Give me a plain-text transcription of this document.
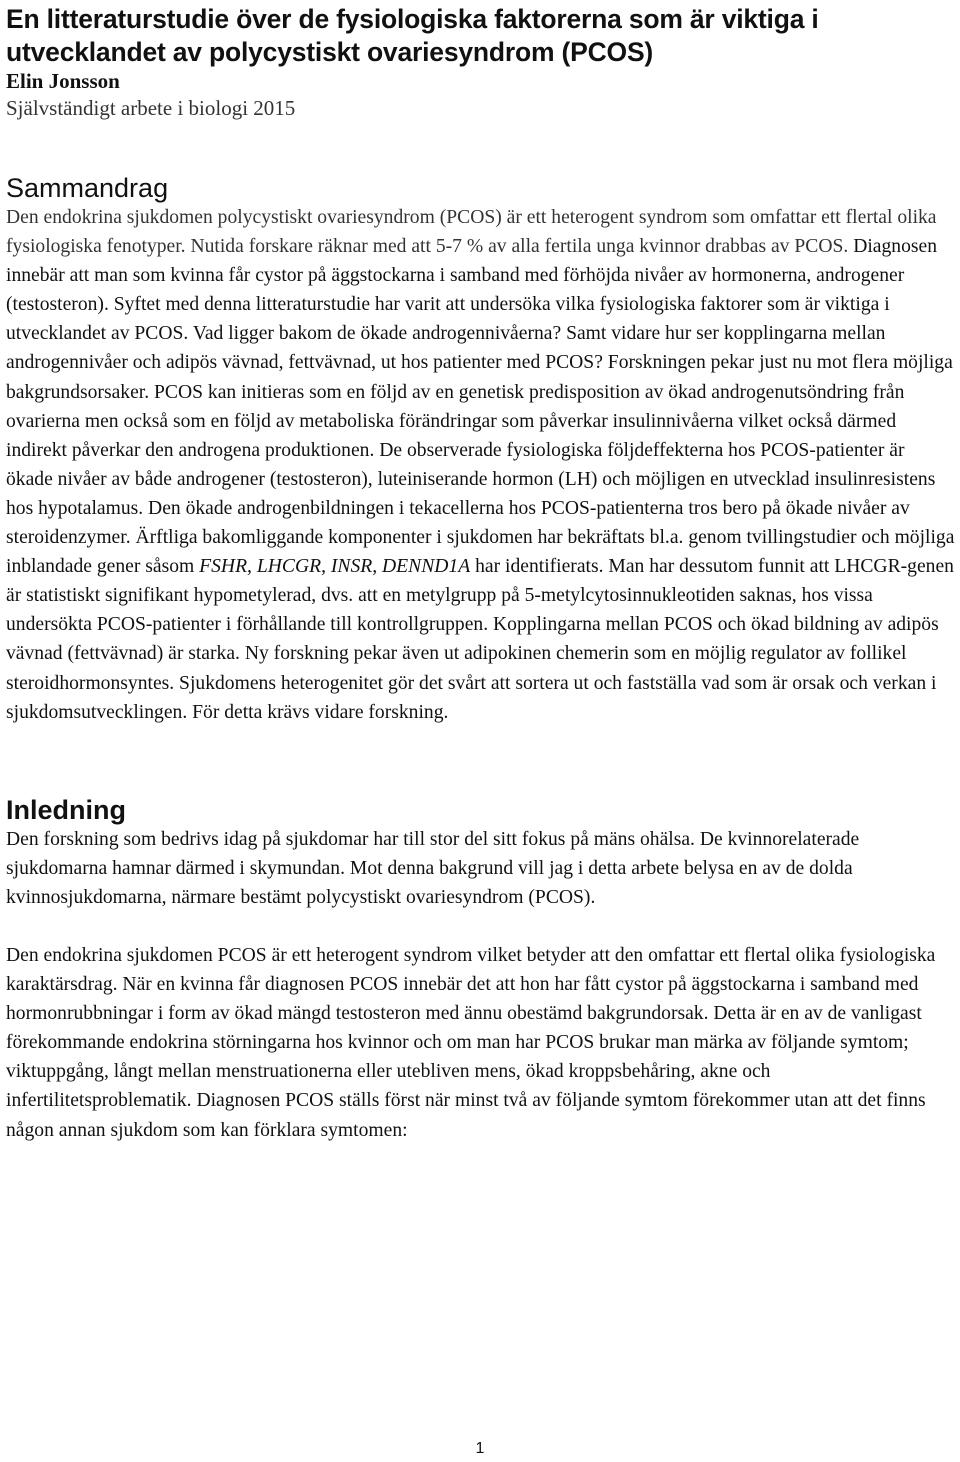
En litteraturstudie över de fysiologiska faktorerna som är viktiga i utvecklandet av polycystiskt ovariesyndrom (PCOS)

Elin Jonsson

Självständigt arbete i biologi 2015

Sammandrag

Den endokrina sjukdomen polycystiskt ovariesyndrom (PCOS) är ett heterogent syndrom som omfattar ett flertal olika fysiologiska fenotyper. Nutida forskare räknar med att 5-7 % av alla fertila unga kvinnor drabbas av PCOS. Diagnosen innebär att man som kvinna får cystor på äggstockarna i samband med förhöjda nivåer av hormonerna, androgener (testosteron). Syftet med denna litteraturstudie har varit att undersöka vilka fysiologiska faktorer som är viktiga i utvecklandet av PCOS. Vad ligger bakom de ökade androgennivåerna? Samt vidare hur ser kopplingarna mellan androgennivåer och adipös vävnad, fettvävnad, ut hos patienter med PCOS? Forskningen pekar just nu mot flera möjliga bakgrundsorsaker. PCOS kan initieras som en följd av en genetisk predisposition av ökad androgenutsöndring från ovarierna men också som en följd av metaboliska förändringar som påverkar insulinnivåerna vilket också därmed indirekt påverkar den androgena produktionen. De observerade fysiologiska följdeffekterna hos PCOS-patienter är ökade nivåer av både androgener (testosteron), luteiniserande hormon (LH) och möjligen en utvecklad insulinresistens hos hypotalamus. Den ökade androgenbildningen i tekacellerna hos PCOS-patienterna tros bero på ökade nivåer av steroidenzymer. Ärftliga bakomliggande komponenter i sjukdomen har bekräftats bl.a. genom tvillingstudier och möjliga inblandade gener såsom FSHR, LHCGR, INSR, DENND1A har identifierats. Man har dessutom funnit att LHCGR-genen är statistiskt signifikant hypometylerad, dvs. att en metylgrupp på 5-metylcytosinnukleotiden saknas, hos vissa undersökta PCOS-patienter i förhållande till kontrollgruppen. Kopplingarna mellan PCOS och ökad bildning av adipös vävnad (fettvävnad) är starka. Ny forskning pekar även ut adipokinen chemerin som en möjlig regulator av follikel steroidhormonsyntes. Sjukdomens heterogenitet gör det svårt att sortera ut och fastställa vad som är orsak och verkan i sjukdomsutvecklingen. För detta krävs vidare forskning.

Inledning

Den forskning som bedrivs idag på sjukdomar har till stor del sitt fokus på mäns ohälsa. De kvinnorelaterade sjukdomarna hamnar därmed i skymundan. Mot denna bakgrund vill jag i detta arbete belysa en av de dolda kvinnosjukdomarna, närmare bestämt polycystiskt ovariesyndrom (PCOS).

Den endokrina sjukdomen PCOS är ett heterogent syndrom vilket betyder att den omfattar ett flertal olika fysiologiska karaktärsdrag. När en kvinna får diagnosen PCOS innebär det att hon har fått cystor på äggstockarna i samband med hormonrubbningar i form av ökad mängd testosteron med ännu obestämd bakgrundorsak. Detta är en av de vanligast förekommande endokrina störningarna hos kvinnor och om man har PCOS brukar man märka av följande symtom; viktuppgång, långt mellan menstruationerna eller utebliven mens, ökad kroppsbehåring, akne och infertilitetsproblematik. Diagnosen PCOS ställs först när minst två av följande symtom förekommer utan att det finns någon annan sjukdom som kan förklara symtomen:

1
